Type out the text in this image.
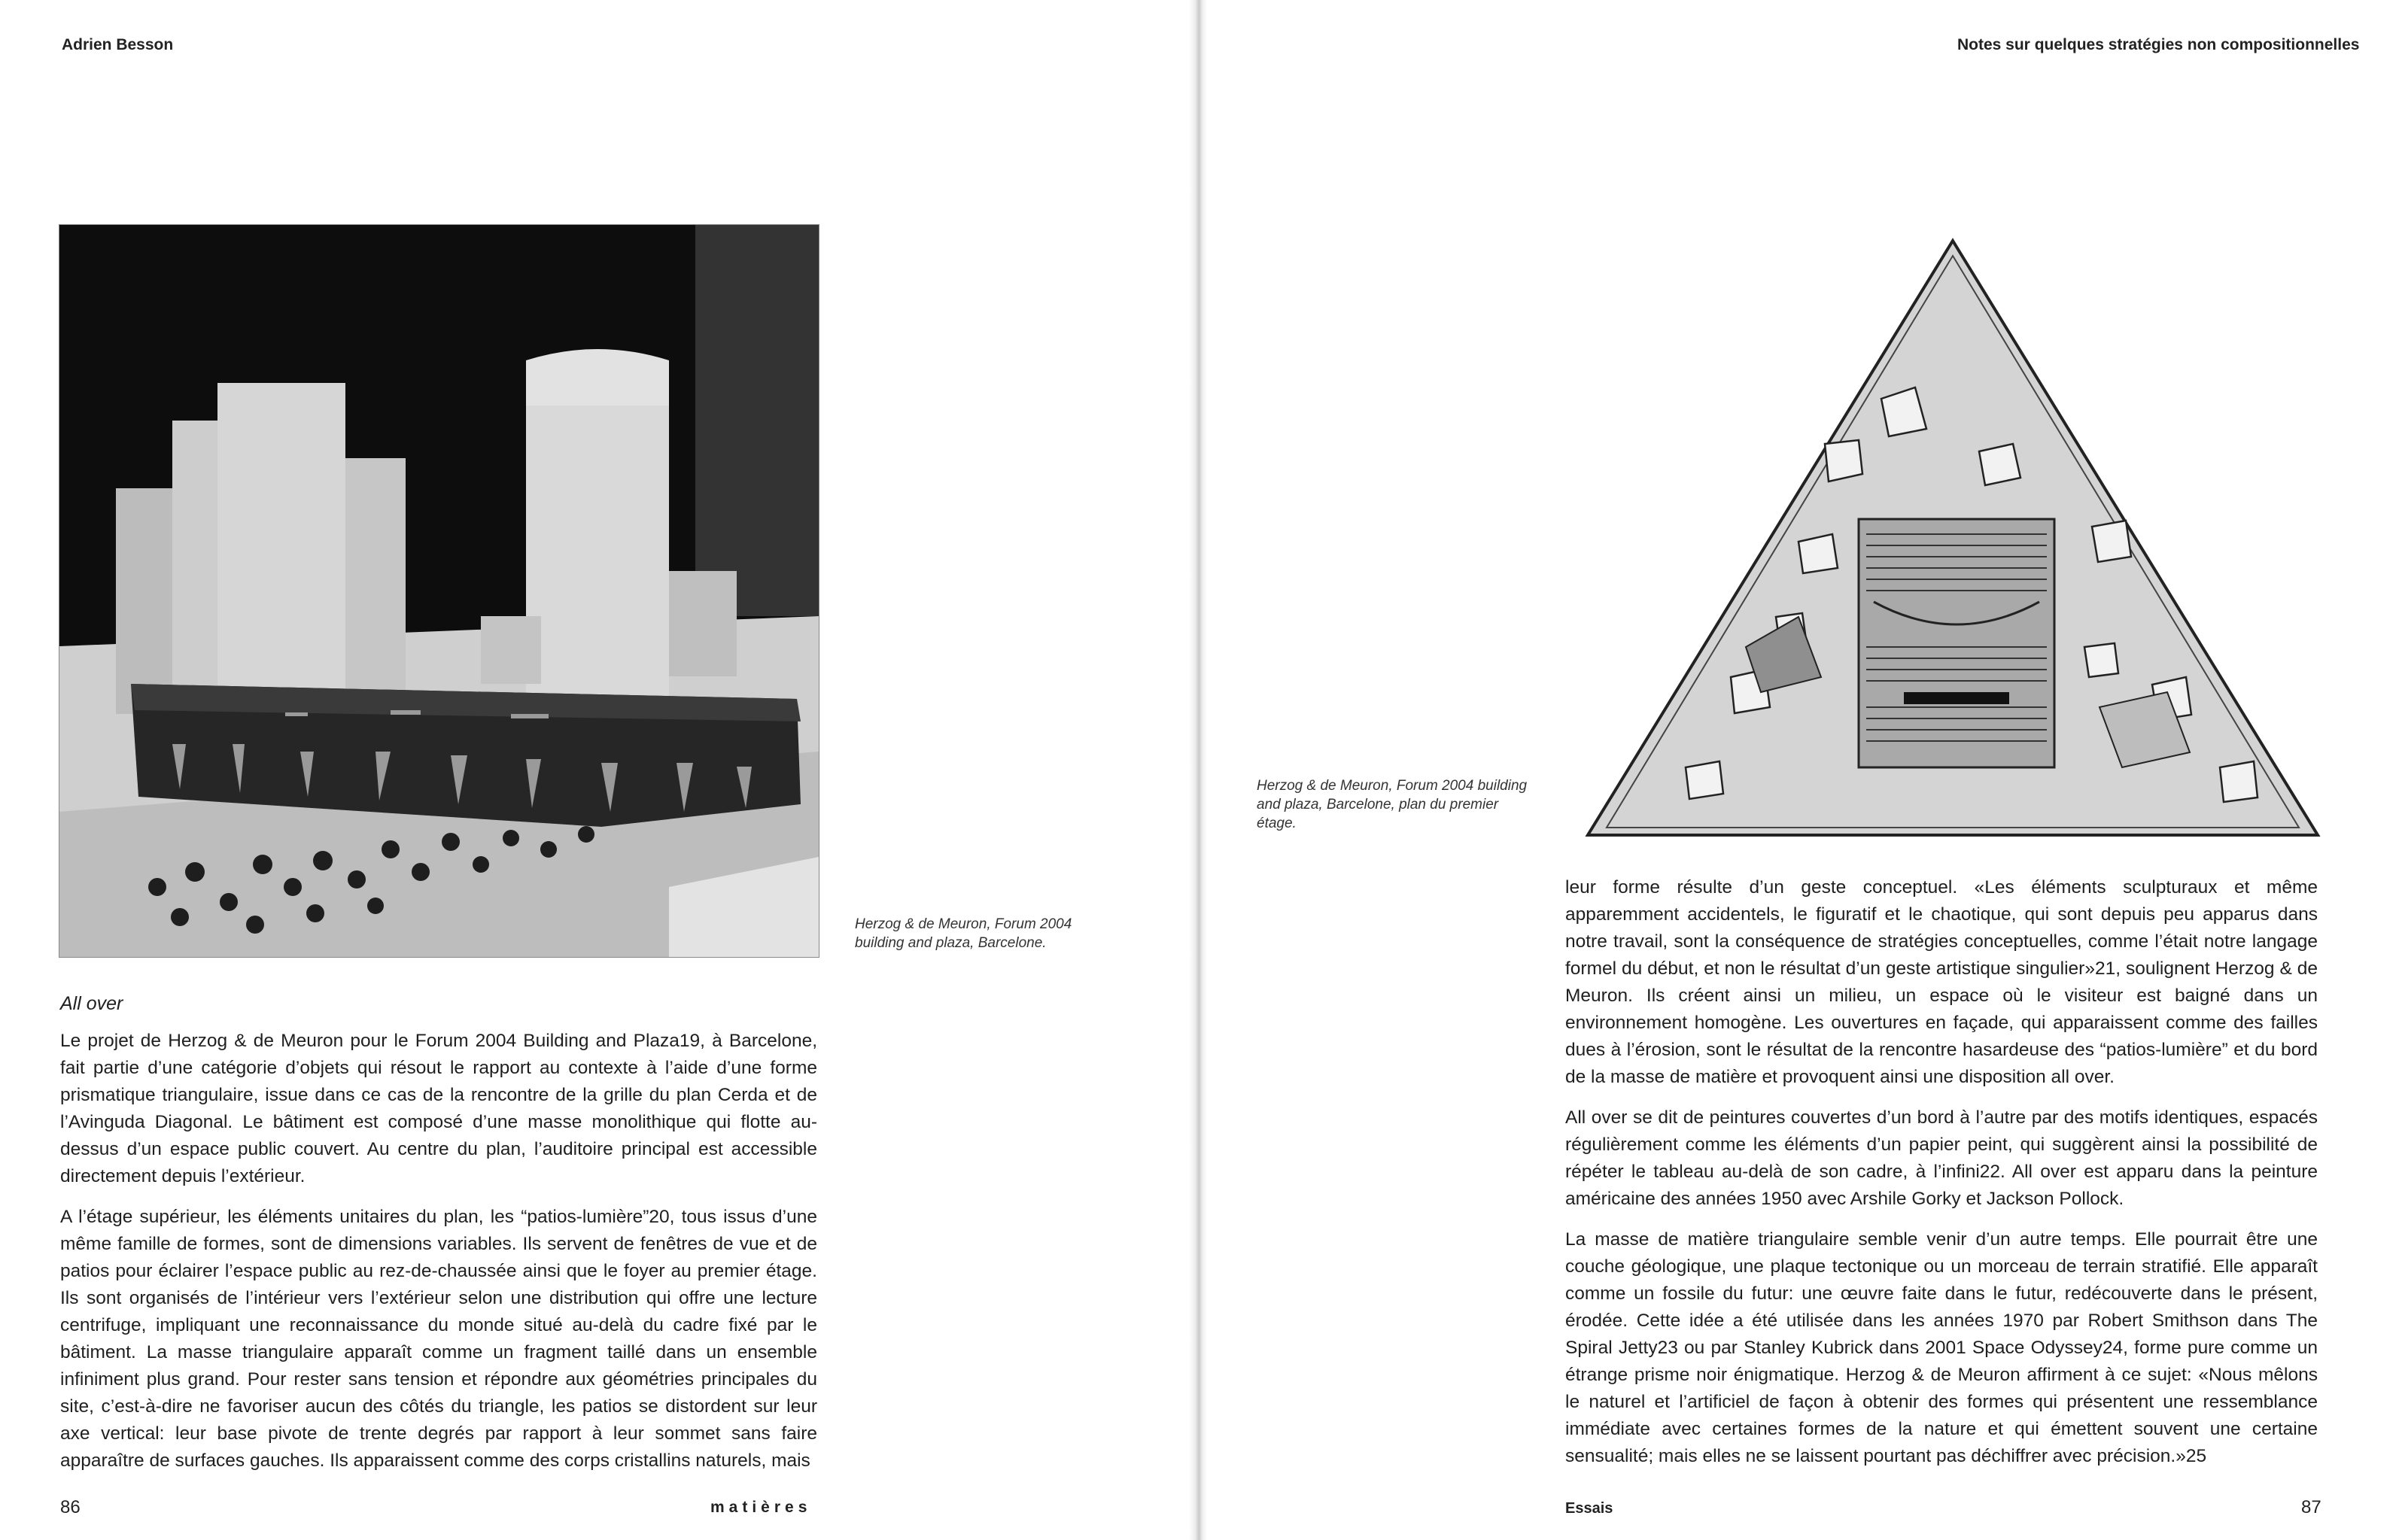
Adrien Besson
Herzog & de Meuron, Forum 2004 building and plaza, Barcelone.
All over

Le projet de Herzog & de Meuron pour le Forum 2004 Building and Plaza19, à Barcelone, fait partie d’une catégorie d’objets qui résout le rapport au contexte à l’aide d’une forme prismatique triangulaire, issue dans ce cas de la rencontre de la grille du plan Cerda et de l’Avinguda Diagonal. Le bâtiment est composé d’une masse monolithique qui flotte au-dessus d’un espace public couvert. Au centre du plan, l’auditoire principal est accessible directement depuis l’extérieur.

A l’étage supérieur, les éléments unitaires du plan, les “patios-lumière”20, tous issus d’une même famille de formes, sont de dimensions variables. Ils servent de fenêtres de vue et de patios pour éclairer l’espace public au rez-de-chaussée ainsi que le foyer au premier étage. Ils sont organisés de l’intérieur vers l’extérieur selon une distribution qui offre une lecture centrifuge, impliquant une reconnaissance du monde situé au-delà du cadre fixé par le bâtiment. La masse triangulaire apparaît comme un fragment taillé dans un ensemble infiniment plus grand. Pour rester sans tension et répondre aux géométries principales du site, c’est-à-dire ne favoriser aucun des côtés du triangle, les patios se distordent sur leur axe vertical: leur base pivote de trente degrés par rapport à leur sommet sans faire apparaître de surfaces gauches. Ils apparaissent comme des corps cristallins naturels, mais

86	matières
Notes sur quelques stratégies non compositionnelles
Herzog & de Meuron, Forum 2004 building and plaza, Barcelone, plan du premier étage.

leur forme résulte d’un geste conceptuel. «Les éléments sculpturaux et même apparemment accidentels, le figuratif et le chaotique, qui sont depuis peu apparus dans notre travail, sont la conséquence de stratégies conceptuelles, comme l’était notre langage formel du début, et non le résultat d’un geste artistique singulier»21, soulignent Herzog & de Meuron. Ils créent ainsi un milieu, un espace où le visiteur est baigné dans un environnement homogène. Les ouvertures en façade, qui apparaissent comme des failles dues à l’érosion, sont le résultat de la rencontre hasardeuse des “patios-lumière” et du bord de la masse de matière et provoquent ainsi une disposition all over.

All over se dit de peintures couvertes d’un bord à l’autre par des motifs identiques, espacés régulièrement comme les éléments d’un papier peint, qui suggèrent ainsi la possibilité de répéter le tableau au-delà de son cadre, à l’infini22. All over est apparu dans la peinture américaine des années 1950 avec Arshile Gorky et Jackson Pollock.

La masse de matière triangulaire semble venir d’un autre temps. Elle pourrait être une couche géologique, une plaque tectonique ou un morceau de terrain stratifié. Elle apparaît comme un fossile du futur: une œuvre faite dans le futur, redécouverte dans le présent, érodée. Cette idée a été utilisée dans les années 1970 par Robert Smithson dans The Spiral Jetty23 ou par Stanley Kubrick dans 2001 Space Odyssey24, forme pure comme un étrange prisme noir énigmatique. Herzog & de Meuron affirment à ce sujet: «Nous mêlons le naturel et l’artificiel de façon à obtenir des formes qui présentent une ressemblance immédiate avec certaines formes de la nature et qui émettent souvent une certaine sensualité; mais elles ne se laissent pourtant pas déchiffrer avec précision.»25

Essais	87
